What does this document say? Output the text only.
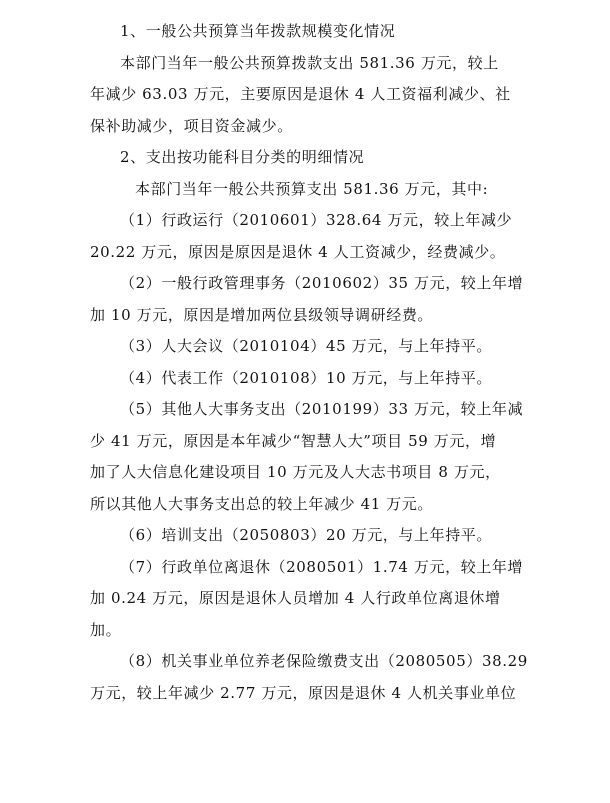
1、一般公共预算当年拨款规模变化情况
本部门当年一般公共预算拨款支出 581.36 万元，较上
年减少 63.03 万元，主要原因是退休 4 人工资福利减少、社
保补助减少，项目资金减少。
2、支出按功能科目分类的明细情况
本部门当年一般公共预算支出 581.36 万元，其中:
（1）行政运行（2010601）328.64 万元，较上年减少
20.22 万元，原因是原因是退休 4 人工资减少，经费减少。
（2）一般行政管理事务（2010602）35 万元，较上年增
加 10 万元，原因是增加两位县级领导调研经费。
（3）人大会议（2010104）45 万元，与上年持平。
（4）代表工作（2010108）10 万元，与上年持平。
（5）其他人大事务支出（2010199）33 万元，较上年减
少 41 万元，原因是本年减少“智慧人大”项目 59 万元，增
加了人大信息化建设项目 10 万元及人大志书项目 8 万元，
所以其他人大事务支出总的较上年减少 41 万元。
（6）培训支出（2050803）20 万元，与上年持平。
（7）行政单位离退休（2080501）1.74 万元，较上年增
加 0.24 万元，原因是退休人员增加 4 人行政单位离退休增
加。
（8）机关事业单位养老保险缴费支出（2080505）38.29
万元，较上年减少 2.77 万元，原因是退休 4 人机关事业单位
